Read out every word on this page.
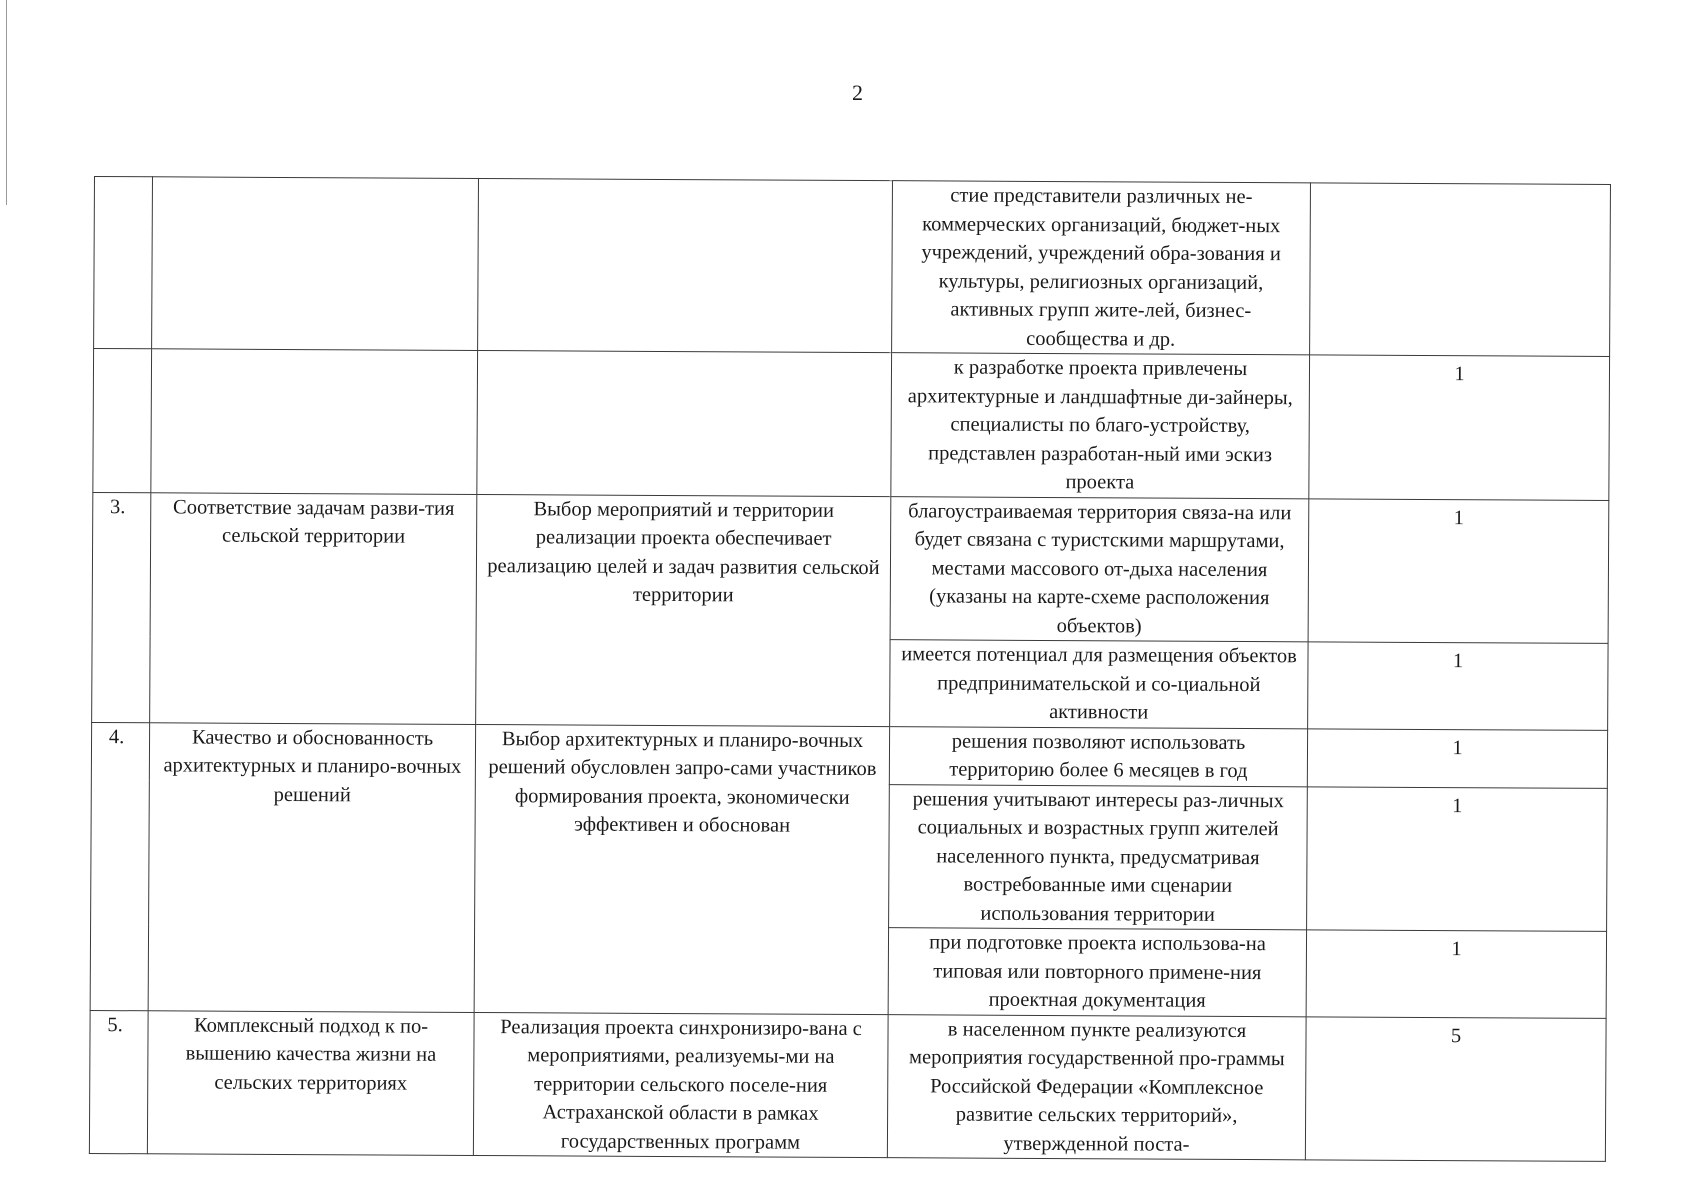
2
			стие представители различных не-коммерческих организаций, бюджет-ных учреждений, учреждений обра-зования и культуры, религиозных организаций, активных групп жите-лей, бизнес-сообщества и др.	
			к разработке проекта привлечены архитектурные и ландшафтные ди-зайнеры, специалисты по благо-устройству, представлен разработан-ный ими эскиз проекта	1
3.	Соответствие задачам разви-тия сельской территории	Выбор мероприятий и территории реализации проекта обеспечивает реализацию целей и задач развития сельской территории	благоустраиваемая территория связа-на или будет связана с туристскими маршрутами, местами массового от-дыха населения (указаны на карте-схеме расположения объектов)	1
			имеется потенциал для размещения объектов предпринимательской и со-циальной активности	1
4.	Качество и обоснованность архитектурных и планиро-вочных решений	Выбор архитектурных и планиро-вочных решений обусловлен запро-сами участников формирования проекта, экономически эффективен и обоснован	решения позволяют использовать территорию более 6 месяцев в год	1
			решения учитывают интересы раз-личных социальных и возрастных групп жителей населенного пункта, предусматривая востребованные ими сценарии использования территории	1
			при подготовке проекта использова-на типовая или повторного примене-ния проектная документация	1
5.	Комплексный подход к по-вышению качества жизни на сельских территориях	Реализация проекта синхронизиро-вана с мероприятиями, реализуемы-ми на территории сельского поселе-ния Астраханской области в рамках государственных программ	в населенном пункте реализуются мероприятия государственной про-граммы Российской Федерации «Комплексное развитие сельских территорий», утвержденной поста-	5
